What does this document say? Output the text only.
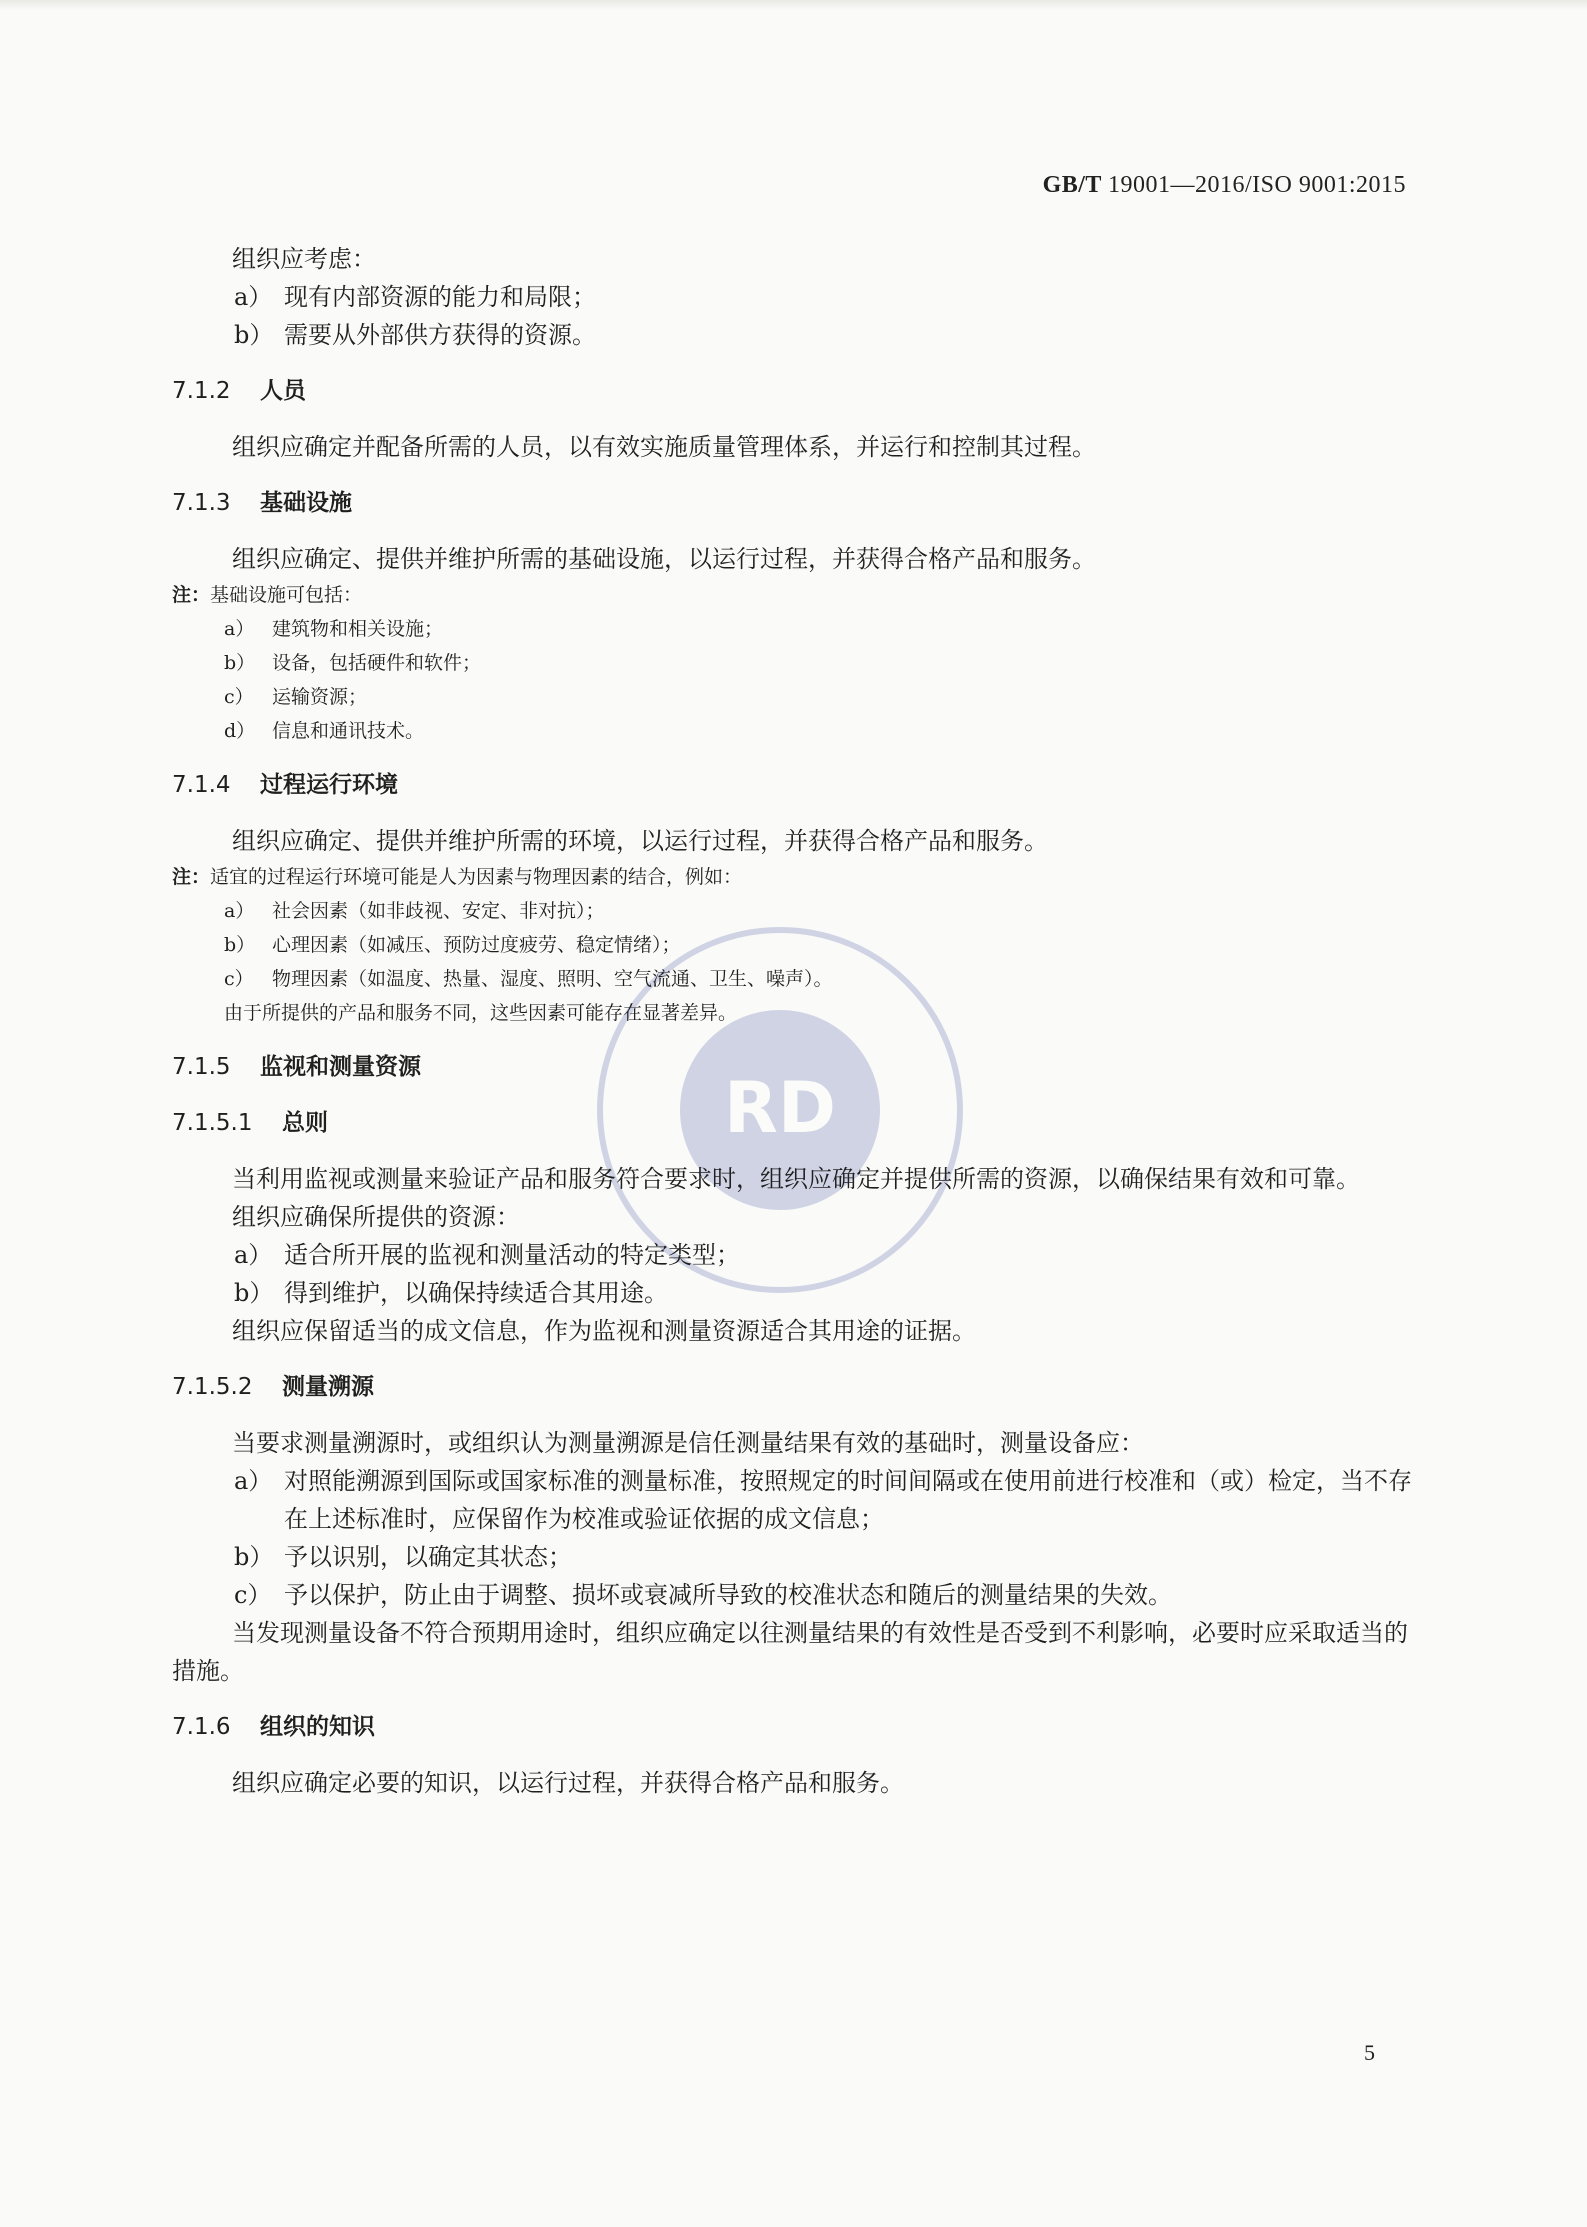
GB/T 19001—2016/ISO 9001:2015
RD

组织应考虑：

a） 现有内部资源的能力和局限；

b） 需要从外部供方获得的资源。

7.1.2 人员

组织应确定并配备所需的人员，以有效实施质量管理体系，并运行和控制其过程。

7.1.3 基础设施

组织应确定、提供并维护所需的基础设施，以运行过程，并获得合格产品和服务。

注：基础设施可包括：

a） 建筑物和相关设施；

b） 设备，包括硬件和软件；

c） 运输资源；

d） 信息和通讯技术。

7.1.4 过程运行环境

组织应确定、提供并维护所需的环境，以运行过程，并获得合格产品和服务。

注：适宜的过程运行环境可能是人为因素与物理因素的结合，例如：

a） 社会因素（如非歧视、安定、非对抗）；

b） 心理因素（如减压、预防过度疲劳、稳定情绪）；

c） 物理因素（如温度、热量、湿度、照明、空气流通、卫生、噪声）。

由于所提供的产品和服务不同，这些因素可能存在显著差异。

7.1.5 监视和测量资源
7.1.5.1 总则

当利用监视或测量来验证产品和服务符合要求时，组织应确定并提供所需的资源，以确保结果有效和可靠。

组织应确保所提供的资源：

a） 适合所开展的监视和测量活动的特定类型；

b） 得到维护，以确保持续适合其用途。

组织应保留适当的成文信息，作为监视和测量资源适合其用途的证据。

7.1.5.2 测量溯源

当要求测量溯源时，或组织认为测量溯源是信任测量结果有效的基础时，测量设备应：

a） 对照能溯源到国际或国家标准的测量标准，按照规定的时间间隔或在使用前进行校准和（或）检定，当不存在上述标准时，应保留作为校准或验证依据的成文信息；

b） 予以识别，以确定其状态；

c） 予以保护，防止由于调整、损坏或衰减所导致的校准状态和随后的测量结果的失效。

当发现测量设备不符合预期用途时，组织应确定以往测量结果的有效性是否受到不利影响，必要时应采取适当的措施。

7.1.6 组织的知识

组织应确定必要的知识，以运行过程，并获得合格产品和服务。

5
